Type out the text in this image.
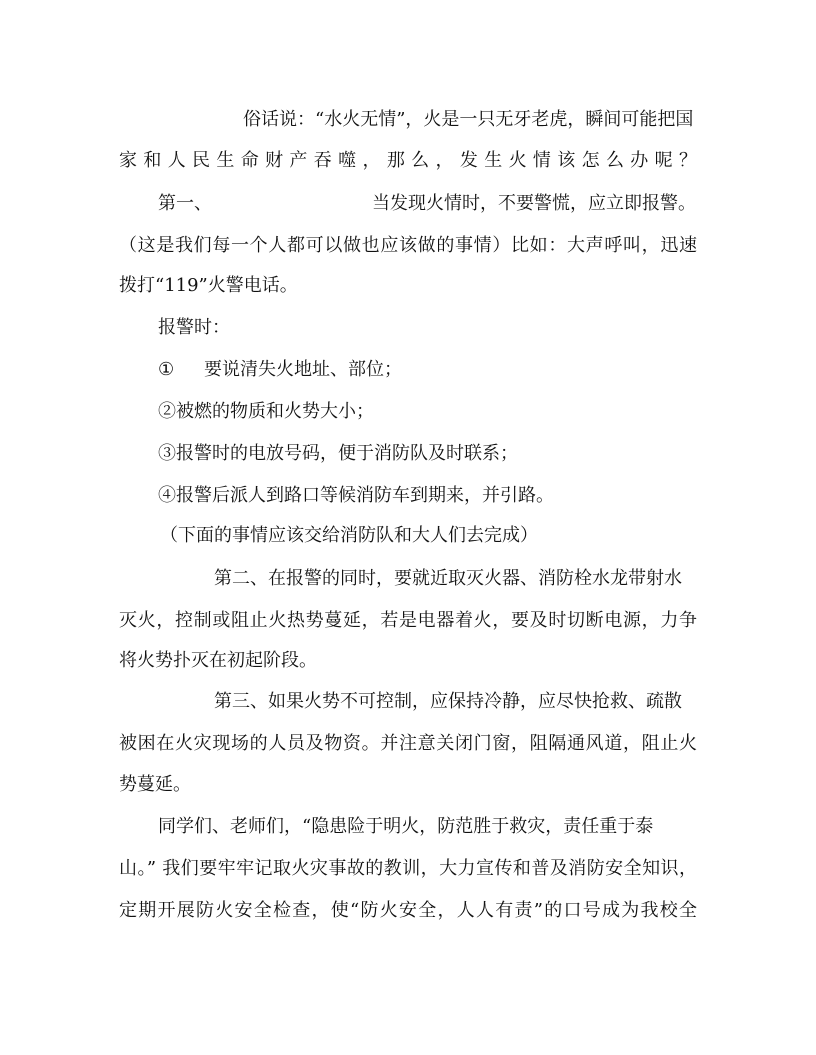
俗话说：“水火无情”，火是一只无牙老虎，瞬间可能把国
家和人民生命财产吞噬，那么，发生火情该怎么办呢？
第一、	当发现火情时，不要警慌，应立即报警。
（这是我们每一个人都可以做也应该做的事情）比如：大声呼叫，迅速
拨打“119”火警电话。
报警时：
① 要说清失火地址、部位；
②被燃的物质和火势大小；
③报警时的电放号码，便于消防队及时联系；
④报警后派人到路口等候消防车到期来，并引路。
（下面的事情应该交给消防队和大人们去完成）
第二、在报警的同时，要就近取灭火器、消防栓水龙带射水
灭火，控制或阻止火热势蔓延，若是电器着火，要及时切断电源，力争
将火势扑灭在初起阶段。
第三、如果火势不可控制，应保持冷静，应尽快抢救、疏散
被困在火灾现场的人员及物资。并注意关闭门窗，阻隔通风道，阻止火
势蔓延。
同学们、老师们，“隐患险于明火，防范胜于救灾，责任重于泰
山。” 我们要牢牢记取火灾事故的教训，大力宣传和普及消防安全知识，
定期开展防火安全检查，使“防火安全，人人有责”的口号成为我校全
